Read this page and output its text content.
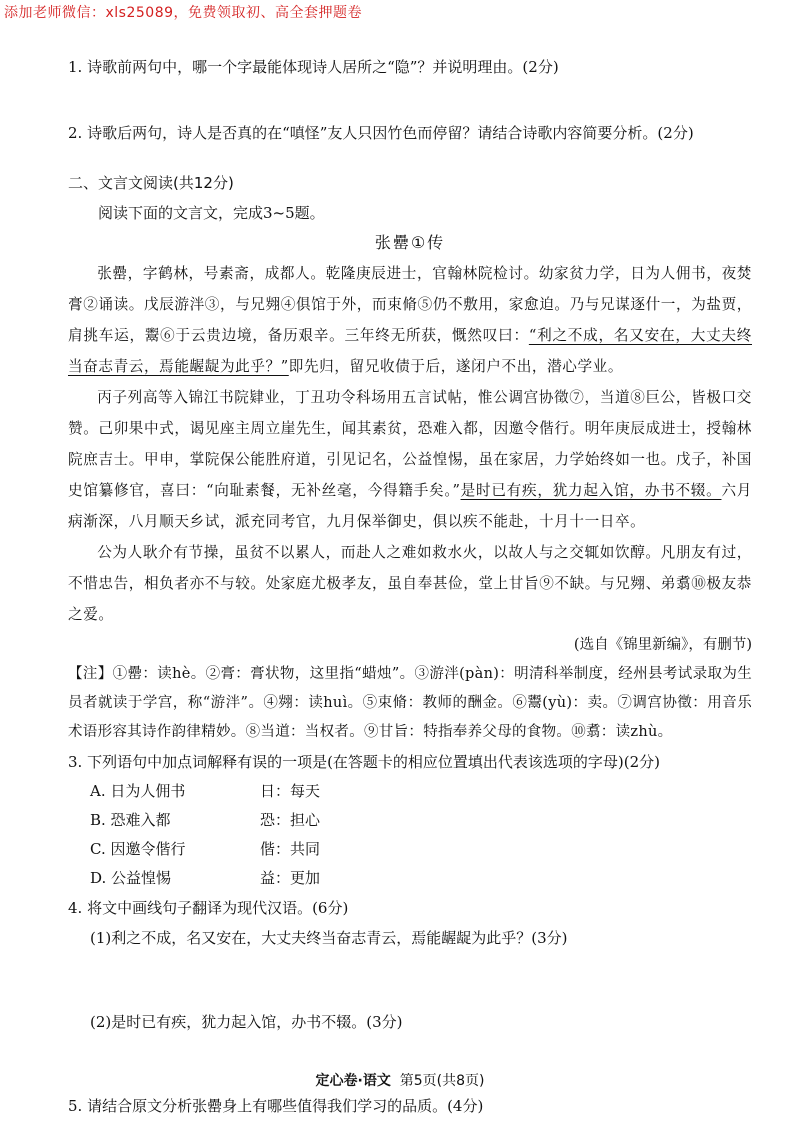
添加老师微信：xls25089，免费领取初、高全套押题卷
1. 诗歌前两句中，哪一个字最能体现诗人居所之“隐”？并说明理由。(2分)
2. 诗歌后两句，诗人是否真的在“嗔怪”友人只因竹色而停留？请结合诗歌内容简要分析。(2分)
二、文言文阅读(共12分)
阅读下面的文言文，完成3~5题。
张罍①传
张罍，字鹤林，号素斋，成都人。乾隆庚辰进士，官翰林院检讨。幼家贫力学，日为人佣书，夜焚膏②诵读。戊辰游泮③，与兄翙④俱馆于外，而束脩⑤仍不敷用，家愈迫。乃与兄谋逐什一，为盐贾，肩挑车运，鬻⑥于云贵边境，备历艰辛。三年终无所获，慨然叹曰：“利之不成，名又安在，大丈夫终当奋志青云，焉能龌龊为此乎？”即先归，留兄收债于后，遂闭户不出，潜心学业。
丙子列高等入锦江书院肄业，丁丑功令科场用五言试帖，惟公调宫协徵⑦，当道⑧巨公，皆极口交赞。己卯果中式，谒见座主周立崖先生，闻其素贫，恐难入都，因邀令偕行。明年庚辰成进士，授翰林院庶吉士。甲申，掌院保公能胜府道，引见记名，公益惶惕，虽在家居，力学始终如一也。戊子，补国史馆纂修官，喜曰：“向耻素餐，无补丝毫，今得籍手矣。”是时已有疾，犹力起入馆，办书不辍。六月病渐深，八月顺天乡试，派充同考官，九月保举御史，俱以疾不能赴，十月十一日卒。
公为人耿介有节操，虽贫不以累人，而赴人之难如救水火，以故人与之交辄如饮醇。凡朋友有过，不惜忠告，相负者亦不与较。处家庭尤极孝友，虽自奉甚俭，堂上甘旨⑨不缺。与兄翙、弟翥⑩极友恭之爱。
(选自《锦里新编》，有删节)
【注】①罍：读hè。②膏：膏状物，这里指“蜡烛”。③游泮(pàn)：明清科举制度，经州县考试录取为生员者就读于学宫，称“游泮”。④翙：读huì。⑤束脩：教师的酬金。⑥鬻(yù)：卖。⑦调宫协徵：用音乐术语形容其诗作韵律精妙。⑧当道：当权者。⑨甘旨：特指奉养父母的食物。⑩翥：读zhù。
3. 下列语句中加点词解释有误的一项是(在答题卡的相应位置填出代表该选项的字母)(2分)
A. 日为人佣书	日：每天
B. 恐难入都	恐：担心
C. 因邀令偕行	偕：共同
D. 公益惶惕	益：更加
4. 将文中画线句子翻译为现代汉语。(6分)
(1)利之不成，名又安在，大丈夫终当奋志青云，焉能龌龊为此乎？(3分)
(2)是时已有疾，犹力起入馆，办书不辍。(3分)
5. 请结合原文分析张罍身上有哪些值得我们学习的品质。(4分)
定心卷·语文 第5页(共8页)
